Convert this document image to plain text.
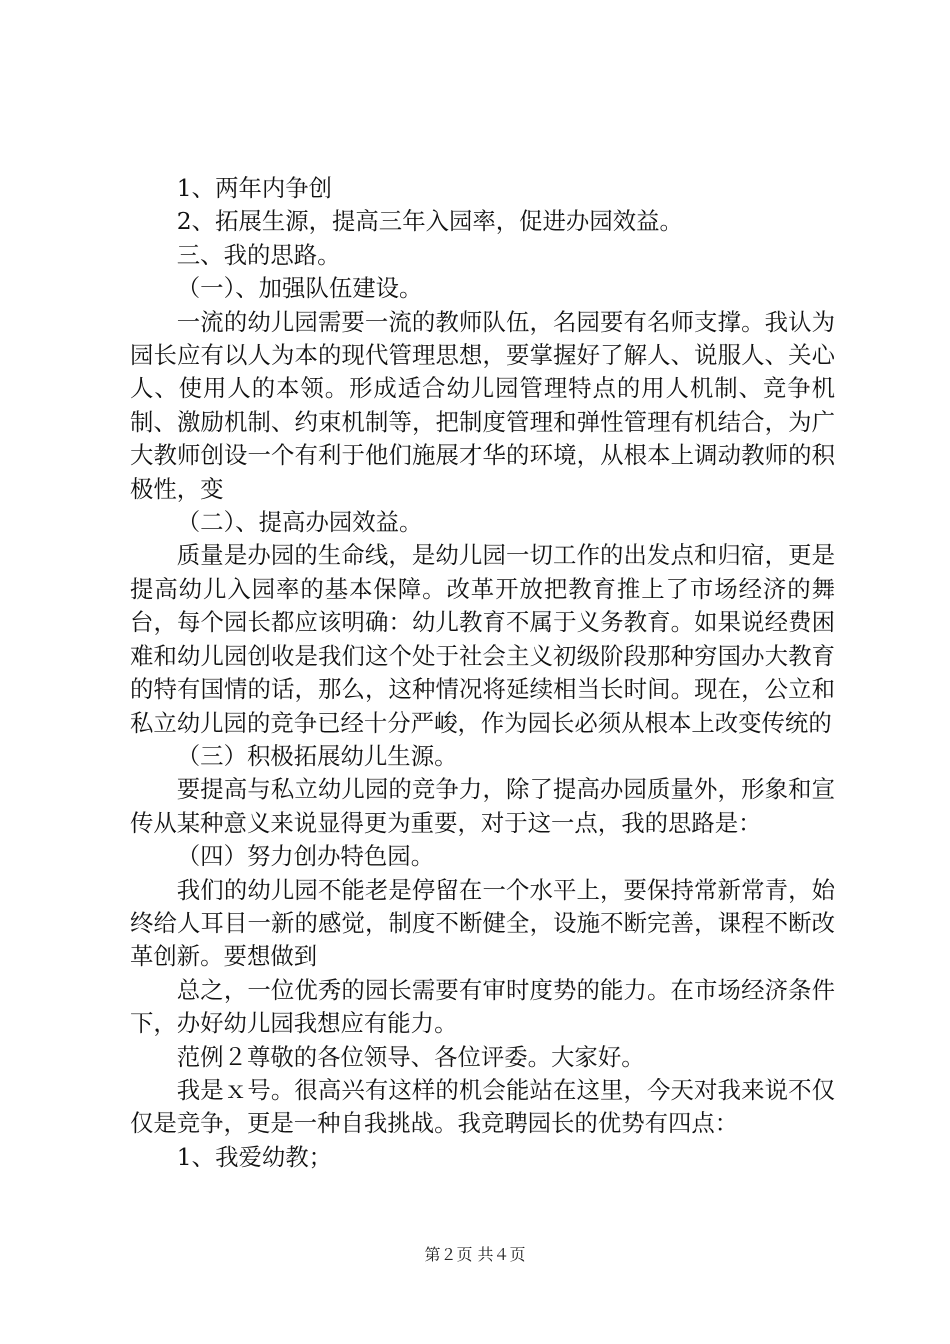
1、两年内争创

2、拓展生源，提高三年入园率，促进办园效益。

三、我的思路。

（一）、加强队伍建设。

一流的幼儿园需要一流的教师队伍，名园要有名师支撑。我认为园长应有以人为本的现代管理思想，要掌握好了解人、说服人、关心人、使用人的本领。形成适合幼儿园管理特点的用人机制、竞争机制、激励机制、约束机制等，把制度管理和弹性管理有机结合，为广大教师创设一个有利于他们施展才华的环境，从根本上调动教师的积极性，变

（二）、提高办园效益。

质量是办园的生命线，是幼儿园一切工作的出发点和归宿，更是提高幼儿入园率的基本保障。改革开放把教育推上了市场经济的舞台，每个园长都应该明确：幼儿教育不属于义务教育。如果说经费困难和幼儿园创收是我们这个处于社会主义初级阶段那种穷国办大教育的特有国情的话，那么，这种情况将延续相当长时间。现在，公立和私立幼儿园的竞争已经十分严峻，作为园长必须从根本上改变传统的

（三）积极拓展幼儿生源。

要提高与私立幼儿园的竞争力，除了提高办园质量外，形象和宣传从某种意义来说显得更为重要，对于这一点，我的思路是：

（四）努力创办特色园。

我们的幼儿园不能老是停留在一个水平上，要保持常新常青，始终给人耳目一新的感觉，制度不断健全，设施不断完善，课程不断改革创新。要想做到

总之，一位优秀的园长需要有审时度势的能力。在市场经济条件下，办好幼儿园我想应有能力。

范例２尊敬的各位领导、各位评委。大家好。

我是ｘ号。很高兴有这样的机会能站在这里，今天对我来说不仅仅是竞争，更是一种自我挑战。我竞聘园长的优势有四点：

1、我爱幼教；

第２页 共４页
